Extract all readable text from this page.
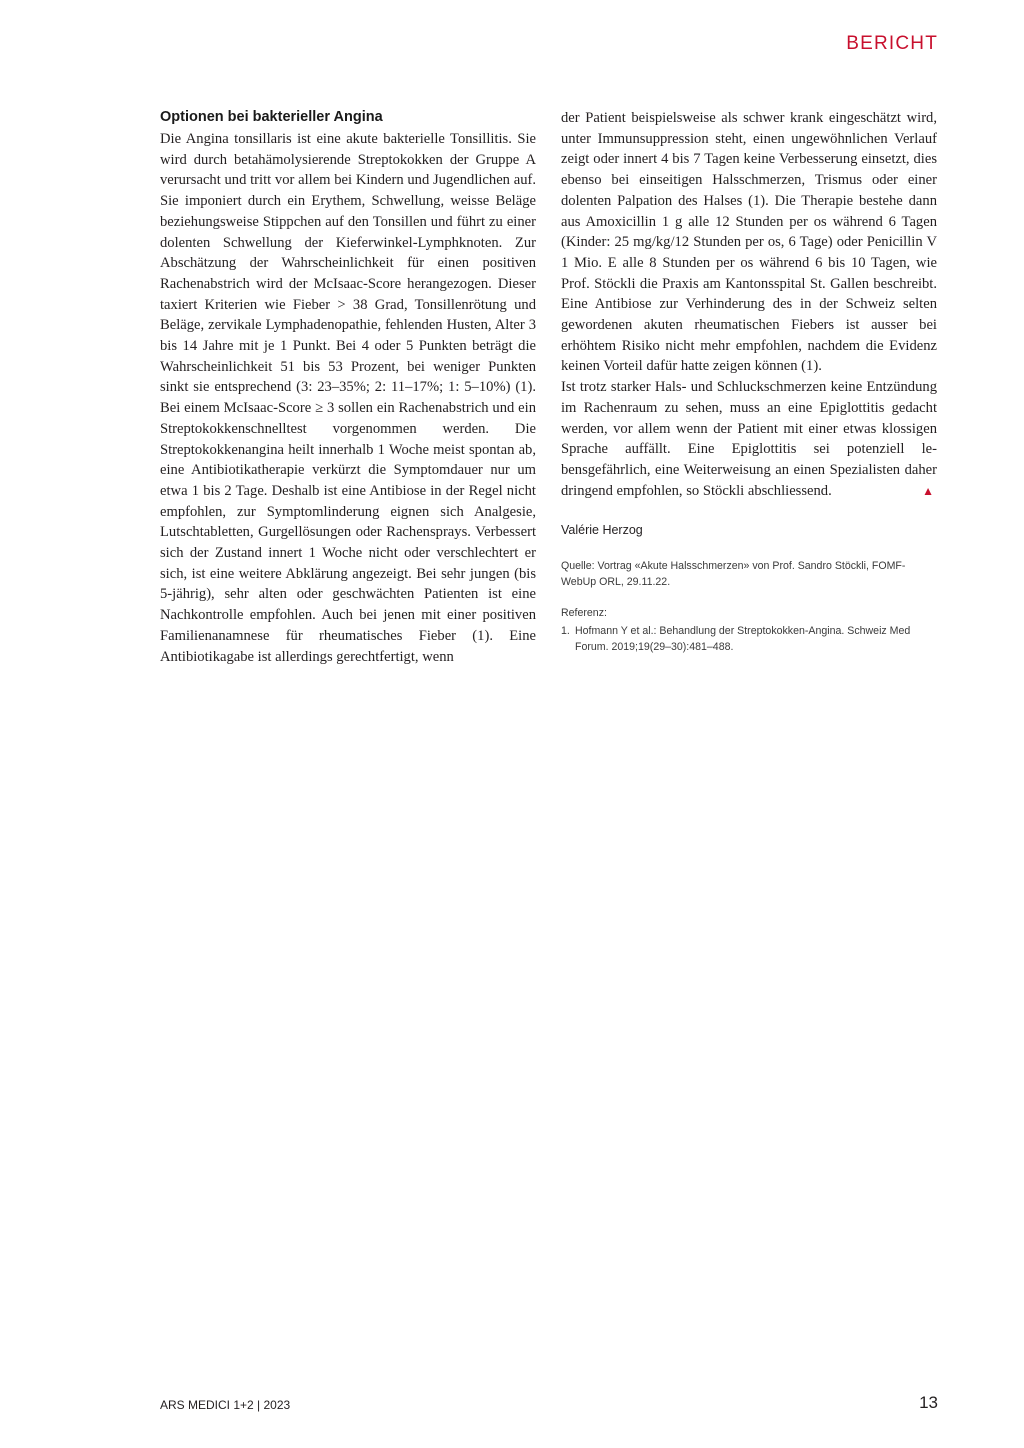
BERICHT
Optionen bei bakterieller Angina

Die Angina tonsillaris ist eine akute bakterielle Tonsillitis. Sie wird durch betahämolysierende Streptokokken der Gruppe A verursacht und tritt vor allem bei Kindern und Jugendlichen auf. Sie imponiert durch ein Erythem, Schwellung, weisse Beläge beziehungsweise Stippchen auf den Tonsillen und führt zu einer dolenten Schwellung der Kieferwinkel-Lymphknoten. Zur Abschätzung der Wahrscheinlichkeit für einen positiven Rachenabstrich wird der McIsaac-Score herangezogen. Dieser taxiert Kriterien wie Fieber > 38 Grad, Tonsillenrötung und Beläge, zervikale Lymphadenopathie, fehlenden Husten, Alter 3 bis 14 Jahre mit je 1 Punkt. Bei 4 oder 5 Punkten beträgt die Wahrscheinlichkeit 51 bis 53 Prozent, bei weniger Punkten sinkt sie entsprechend (3: 23–35%; 2: 11–17%; 1: 5–10%) (1). Bei einem McIsaac-Score ≥ 3 sollen ein Rachenabstrich und ein Streptokokkenschnelltest vorgenommen werden. Die Streptokokkenangina heilt innerhalb 1 Woche meist spontan ab, eine Antibiotikatherapie verkürzt die Symptomdauer nur um etwa 1 bis 2 Tage. Deshalb ist eine Antibiose in der Regel nicht empfohlen, zur Symptomlinderung eignen sich Analgesie, Lutschtabletten, Gurgellösungen oder Rachensprays. Verbessert sich der Zustand innert 1 Woche nicht oder verschlechtert er sich, ist eine weitere Abklärung angezeigt. Bei sehr jungen (bis 5-jährig), sehr alten oder geschwächten Patienten ist eine Nachkontrolle empfohlen. Auch bei jenen mit einer positiven Familienanamnese für rheumatisches Fieber (1). Eine Antibiotikagabe ist allerdings gerechtfertigt, wenn

der Patient beispielsweise als schwer krank eingeschätzt wird, unter Immunsuppression steht, einen ungewöhnlichen Verlauf zeigt oder innert 4 bis 7 Tagen keine Verbesserung einsetzt, dies ebenso bei einseitigen Halsschmerzen, Trismus oder einer dolenten Palpation des Halses (1). Die Therapie bestehe dann aus Amoxicillin 1 g alle 12 Stunden per os während 6 Tagen (Kinder: 25 mg/kg/12 Stunden per os, 6 Tage) oder Penicillin V 1 Mio. E alle 8 Stunden per os während 6 bis 10 Tagen, wie Prof. Stöckli die Praxis am Kantonsspital St. Gallen beschreibt. Eine Antibiose zur Verhinderung des in der Schweiz selten gewordenen akuten rheumatischen Fiebers ist ausser bei erhöhtem Risiko nicht mehr empfohlen, nachdem die Evidenz keinen Vorteil dafür hatte zeigen können (1).

Ist trotz starker Hals- und Schluckschmerzen keine Entzündung im Rachenraum zu sehen, muss an eine Epiglottitis gedacht werden, vor allem wenn der Patient mit einer etwas klossigen Sprache auffällt. Eine Epiglottitis sei potenziell lebensgefährlich, eine Weiterweisung an einen Spezialisten daher dringend empfohlen, so Stöckli abschliessend.	▲

Valérie Herzog
Quelle: Vortrag «Akute Halsschmerzen» von Prof. Sandro Stöckli, FOMF-WebUp ORL, 29.11.22.
Referenz:
1. Hofmann Y et al.: Behandlung der Streptokokken-Angina. Schweiz Med Forum. 2019;19(29–30):481–488.
ARS MEDICI 1+2 | 2023	13
